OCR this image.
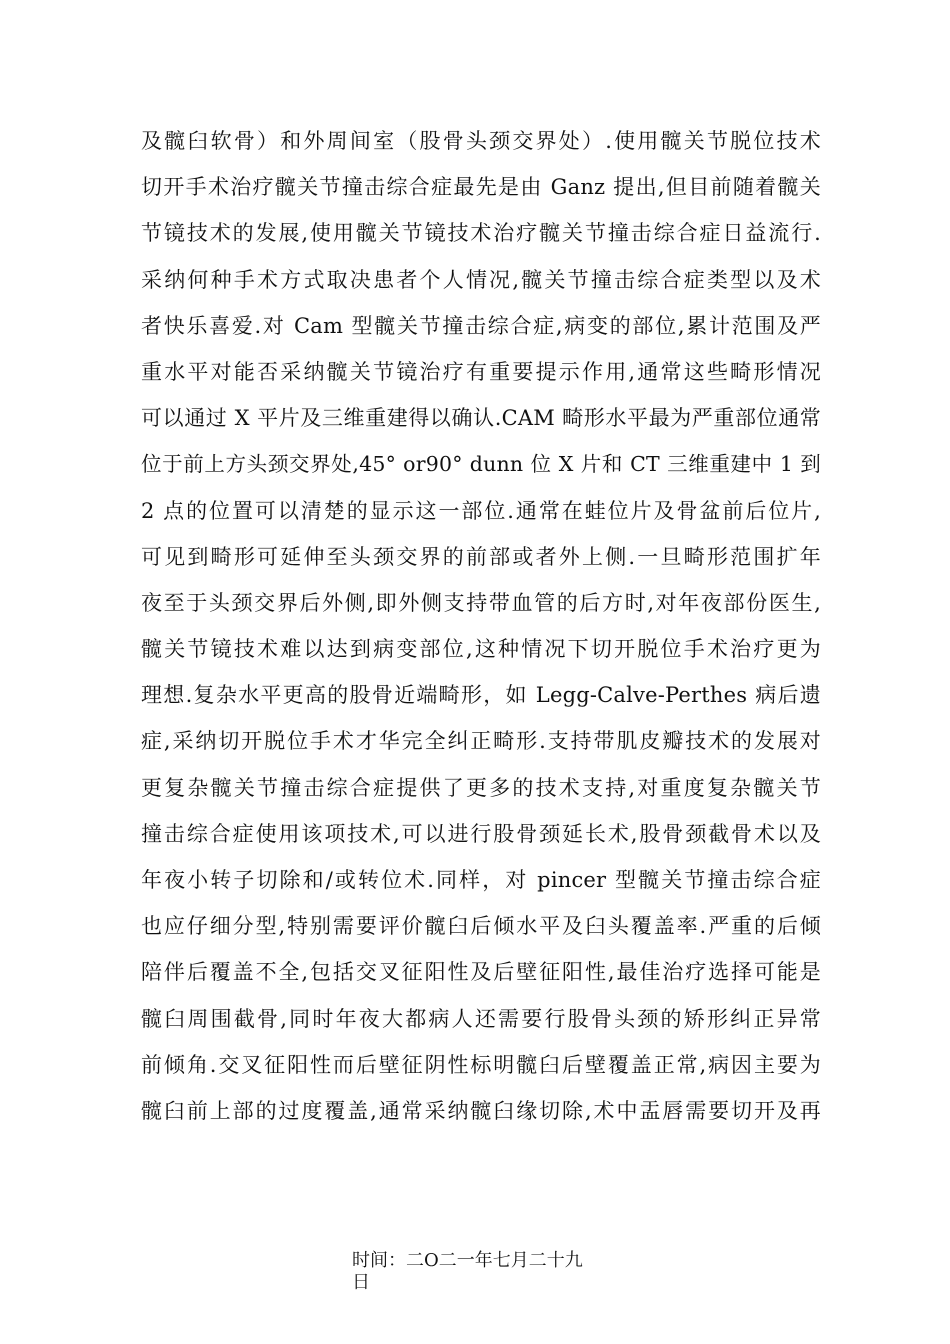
及髋臼软骨）和外周间室（股骨头颈交界处）.使用髋关节脱位技术
切开手术治疗髋关节撞击综合症最先是由 Ganz 提出,但目前随着髋关
节镜技术的发展,使用髋关节镜技术治疗髋关节撞击综合症日益流行.
采纳何种手术方式取决患者个人情况,髋关节撞击综合症类型以及术
者快乐喜爱.对 Cam 型髋关节撞击综合症,病变的部位,累计范围及严
重水平对能否采纳髋关节镜治疗有重要提示作用,通常这些畸形情况
可以通过 X 平片及三维重建得以确认.CAM 畸形水平最为严重部位通常
位于前上方头颈交界处,45° or90° dunn 位 X 片和 CT 三维重建中 1 到
2 点的位置可以清楚的显示这一部位.通常在蛙位片及骨盆前后位片,
可见到畸形可延伸至头颈交界的前部或者外上侧.一旦畸形范围扩年
夜至于头颈交界后外侧,即外侧支持带血管的后方时,对年夜部份医生,
髋关节镜技术难以达到病变部位,这种情况下切开脱位手术治疗更为
理想.复杂水平更高的股骨近端畸形，如 Legg-Calve-Perthes 病后遗
症,采纳切开脱位手术才华完全纠正畸形.支持带肌皮瓣技术的发展对
更复杂髋关节撞击综合症提供了更多的技术支持,对重度复杂髋关节
撞击综合症使用该项技术,可以进行股骨颈延长术,股骨颈截骨术以及
年夜小转子切除和/或转位术.同样，对 pincer 型髋关节撞击综合症
也应仔细分型,特别需要评价髋臼后倾水平及臼头覆盖率.严重的后倾
陪伴后覆盖不全,包括交叉征阳性及后壁征阳性,最佳治疗选择可能是
髋臼周围截骨,同时年夜大都病人还需要行股骨头颈的矫形纠正异常
前倾角.交叉征阳性而后壁征阴性标明髋臼后壁覆盖正常,病因主要为
髋臼前上部的过度覆盖,通常采纳髋臼缘切除,术中盂唇需要切开及再
时间：二O二一年七月二十九
日
